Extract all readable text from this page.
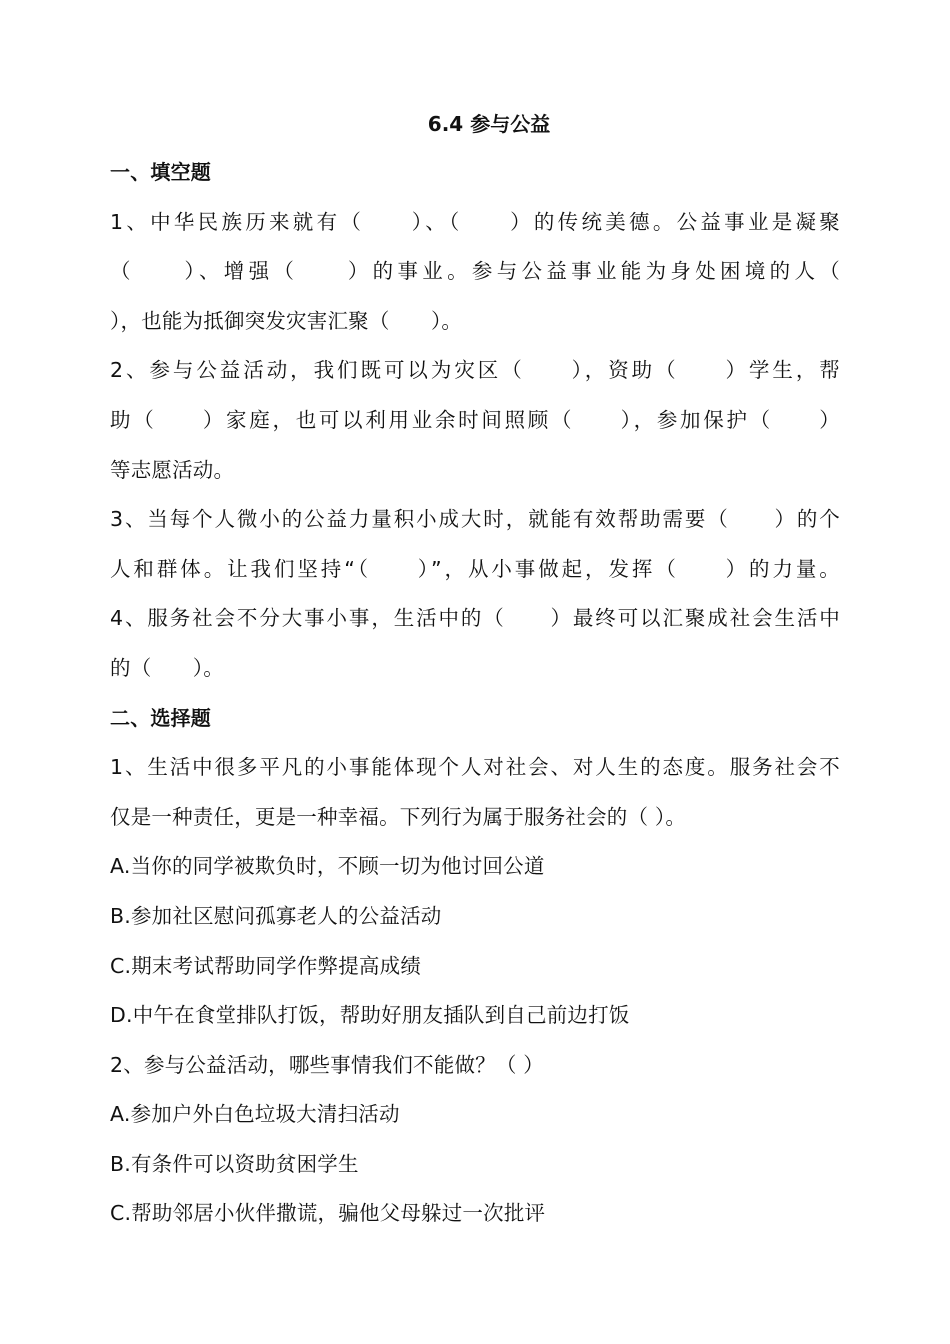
6.4 参与公益
一、填空题
1、中华民族历来就有（　　）、（　　）的传统美德。公益事业是凝聚
（　　）、增强（　　）的事业。参与公益事业能为身处困境的人（
），也能为抵御突发灾害汇聚（　　）。
2、参与公益活动，我们既可以为灾区（　　），资助（　　）学生，帮
助（　　）家庭，也可以利用业余时间照顾（　　），参加保护（　　）
等志愿活动。
3、当每个人微小的公益力量积小成大时，就能有效帮助需要（　　）的个
人和群体。让我们坚持“（　　）”，从小事做起，发挥（　　）的力量。
4、服务社会不分大事小事，生活中的（　　）最终可以汇聚成社会生活中
的（　　）。
二、选择题
1、生活中很多平凡的小事能体现个人对社会、对人生的态度。服务社会不
仅是一种责任，更是一种幸福。下列行为属于服务社会的（ ）。
A.当你的同学被欺负时，不顾一切为他讨回公道
B.参加社区慰问孤寡老人的公益活动
C.期末考试帮助同学作弊提高成绩
D.中午在食堂排队打饭，帮助好朋友插队到自己前边打饭
2、参与公益活动，哪些事情我们不能做？（ ）
A.参加户外白色垃圾大清扫活动
B.有条件可以资助贫困学生
C.帮助邻居小伙伴撒谎，骗他父母躲过一次批评
